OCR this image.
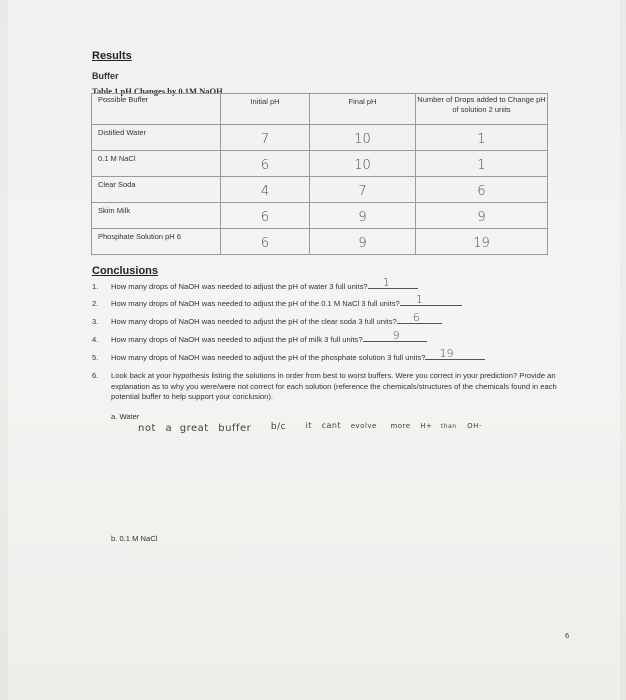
Results
Buffer
Table 1 pH Changes by 0.1M NaOH
Possible Buffer	Initial pH	Final pH	Number of Drops added to Change pH of solution 2 units
Distilled Water	7	10	1
0.1 M NaCl	6	10	1
Clear Soda	4	7	6
Skim Milk	6	9	9
Phosphate Solution pH 6	6	9	19
Conclusions
1. How many drops of NaOH was needed to adjust the pH of water 3 full units? 1
2. How many drops of NaOH was needed to adjust the pH of the 0.1 M NaCl 3 full units? 1
3. How many drops of NaOH was needed to adjust the pH of the clear soda 3 full units? 6
4. How many drops of NaOH was needed to adjust the pH of milk 3 full units?	9
5. How many drops of NaOH was needed to adjust the pH of the phosphate solution 3 full units? 19
6. Look back at your hypothesis listing the solutions in order from best to worst buffers. Were you correct in your prediction? Provide an explanation as to why you were/were not correct for each solution (reference the chemicals/structures of the chemicals found in each potential buffer to help support your conclusion).
a. Water
not a great buffer b/c it cant evolve more H+ than OH-
b. 0.1 M NaCl
6
